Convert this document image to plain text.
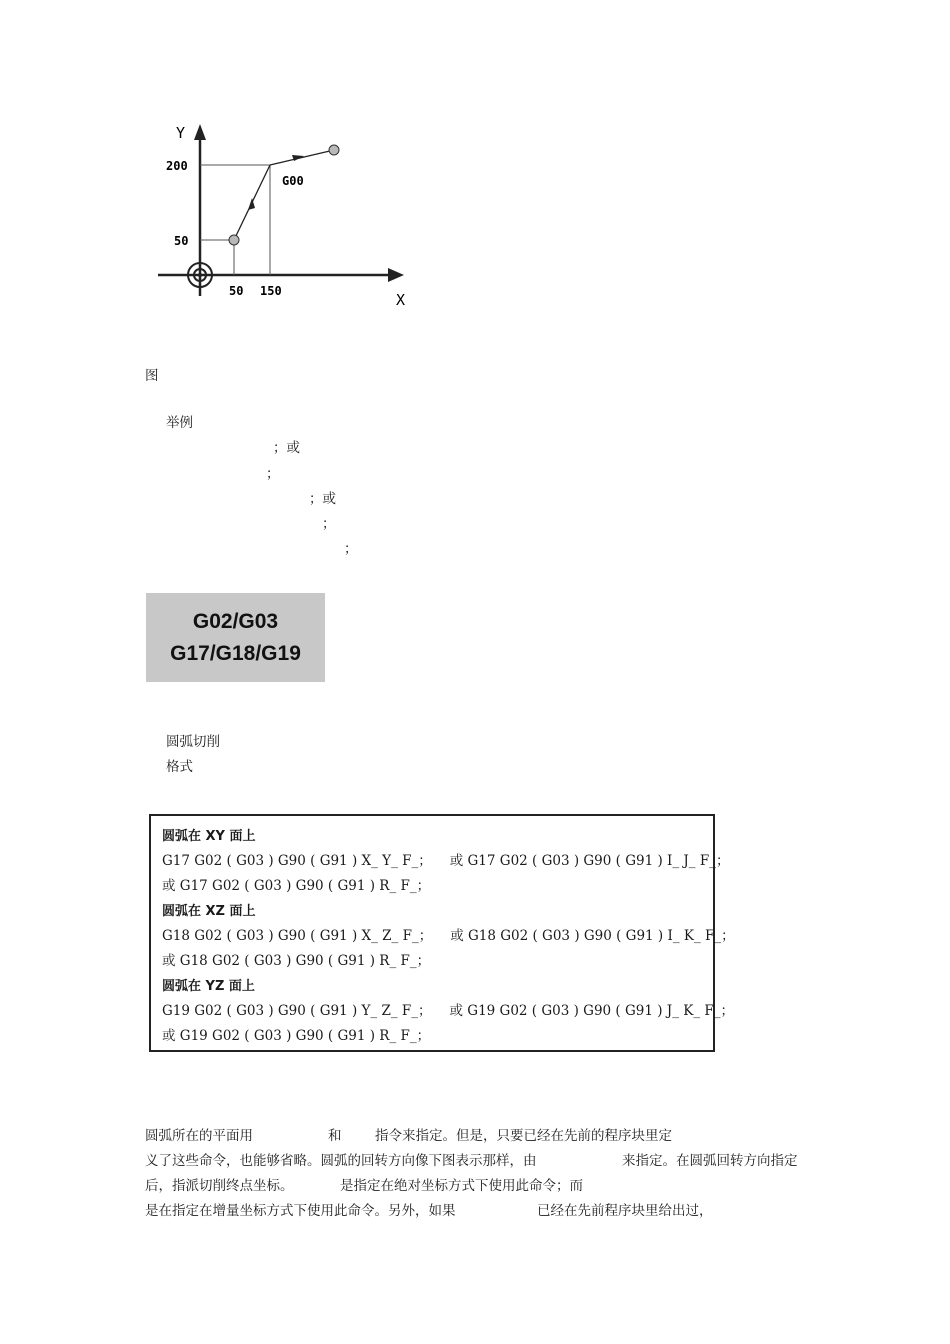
Y
X
200
50
50 150
G00
图
举例
；或
；
；或
；
；
G02/G03
G17/G18/G19
圆弧切削
格式
圆弧在 XY 面上
G17 G02 ( G03 ) G90 ( G91 ) X_ Y_ F_； 或 G17 G02 ( G03 ) G90 ( G91 ) I_ J_ F_；
或 G17 G02 ( G03 ) G90 ( G91 ) R_ F_；
圆弧在 XZ 面上
G18 G02 ( G03 ) G90 ( G91 ) X_ Z_ F_； 或 G18 G02 ( G03 ) G90 ( G91 ) I_ K_ F_；
或 G18 G02 ( G03 ) G90 ( G91 ) R_ F_；
圆弧在 YZ 面上
G19 G02 ( G03 ) G90 ( G91 ) Y_ Z_ F_； 或 G19 G02 ( G03 ) G90 ( G91 ) J_ K_ F_；
或 G19 G02 ( G03 ) G90 ( G91 ) R_ F_；
圆弧所在的平面用	和 指令来指定。但是，只要已经在先前的程序块里定
义了这些命令，也能够省略。圆弧的回转方向像下图表示那样，由	来指定。在圆弧回转方向指定
后，指派切削终点坐标。	是指定在绝对坐标方式下使用此命令；而
是在指定在增量坐标方式下使用此命令。另外，如果	已经在先前程序块里给出过，
